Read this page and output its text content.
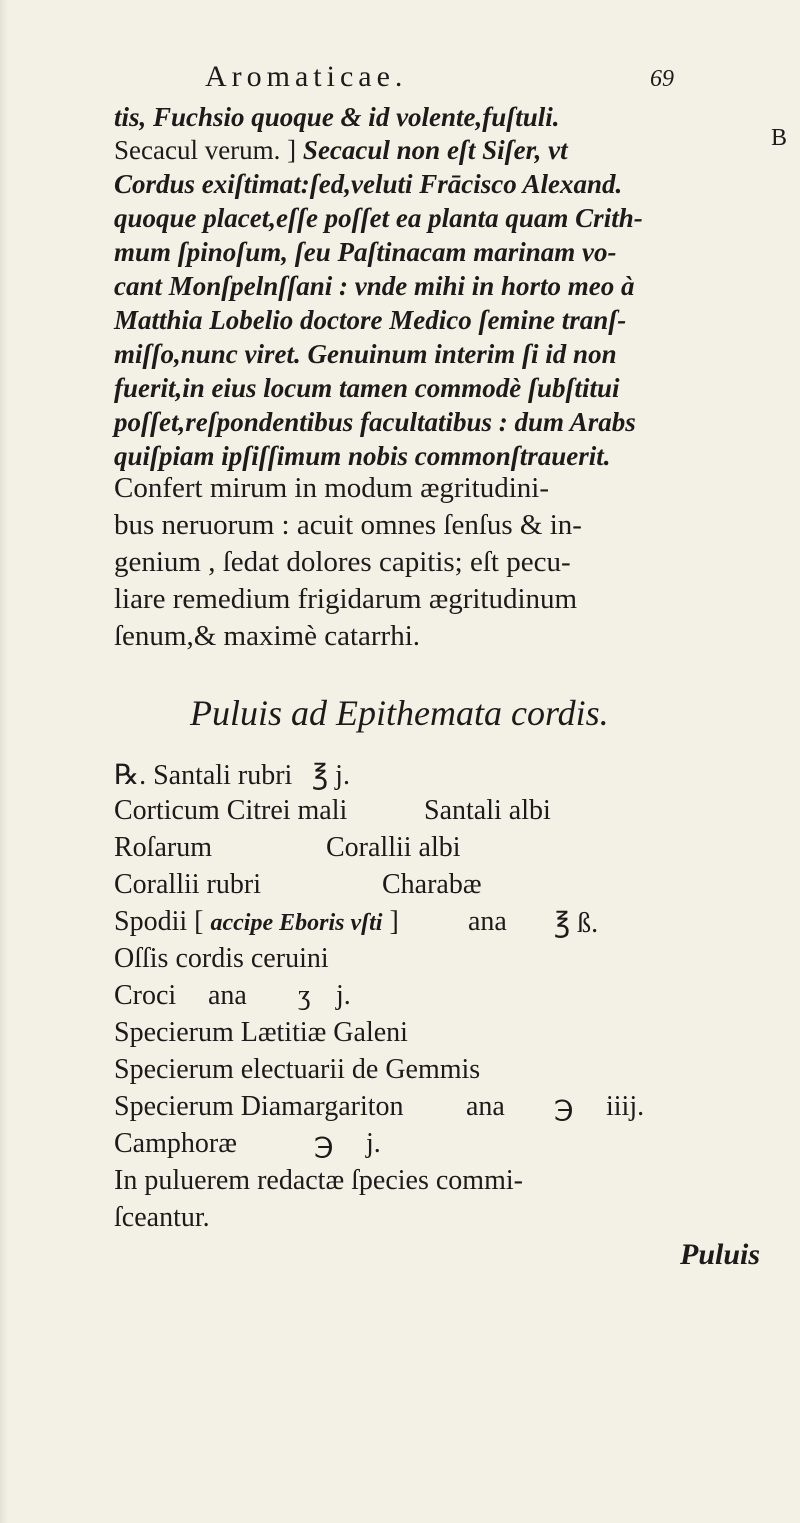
Aromaticae.	69
B
tis, Fuchsio quoque & id volente,fuſtuli.
Secacul verum. ] Secacul non eſt Siſer, vt
Cordus exiſtimat:ſed,veluti Frācisco Alexand.
quoque placet,eſſe poſſet ea planta quam Crith-
mum ſpinoſum, ſeu Paſtinacam marinam vo-
cant Monſpelnſſani : vnde mihi in horto meo à
Matthia Lobelio doctore Medico ſemine tranſ-
miſſo,nunc viret. Genuinum interim ſi id non
fuerit,in eius locum tamen commodè ſubſtitui
poſſet,reſpondentibus facultatibus : dum Arabs
quiſpiam ipſiſſimum nobis commonſtrauerit.
Confert mirum in modum ægritudini-
bus neruorum : acuit omnes ſenſus & in-
genium , ſedat dolores capitis; eſt pecu-
liare remedium frigidarum ægritudinum
ſenum,& maximè catarrhi.
Puluis ad Epithemata cordis.
℞. Santali rubri ℥ j.
Corticum Citrei mali	Santali albi
Roſarum	Corallii albi
Corallii rubri	Charabæ
Spodii [ accipe Eboris vſti ] ana ℥ ß.
Oſſis cordis ceruini
Croci ana ʒ j.
Specierum Lætitiæ Galeni
Specierum electuarii de Gemmis
Specierum Diamargariton ana ℈ iiij.
Camphoræ	℈ j.
In puluerem redactæ ſpecies commi-
ſceantur.
Puluis
